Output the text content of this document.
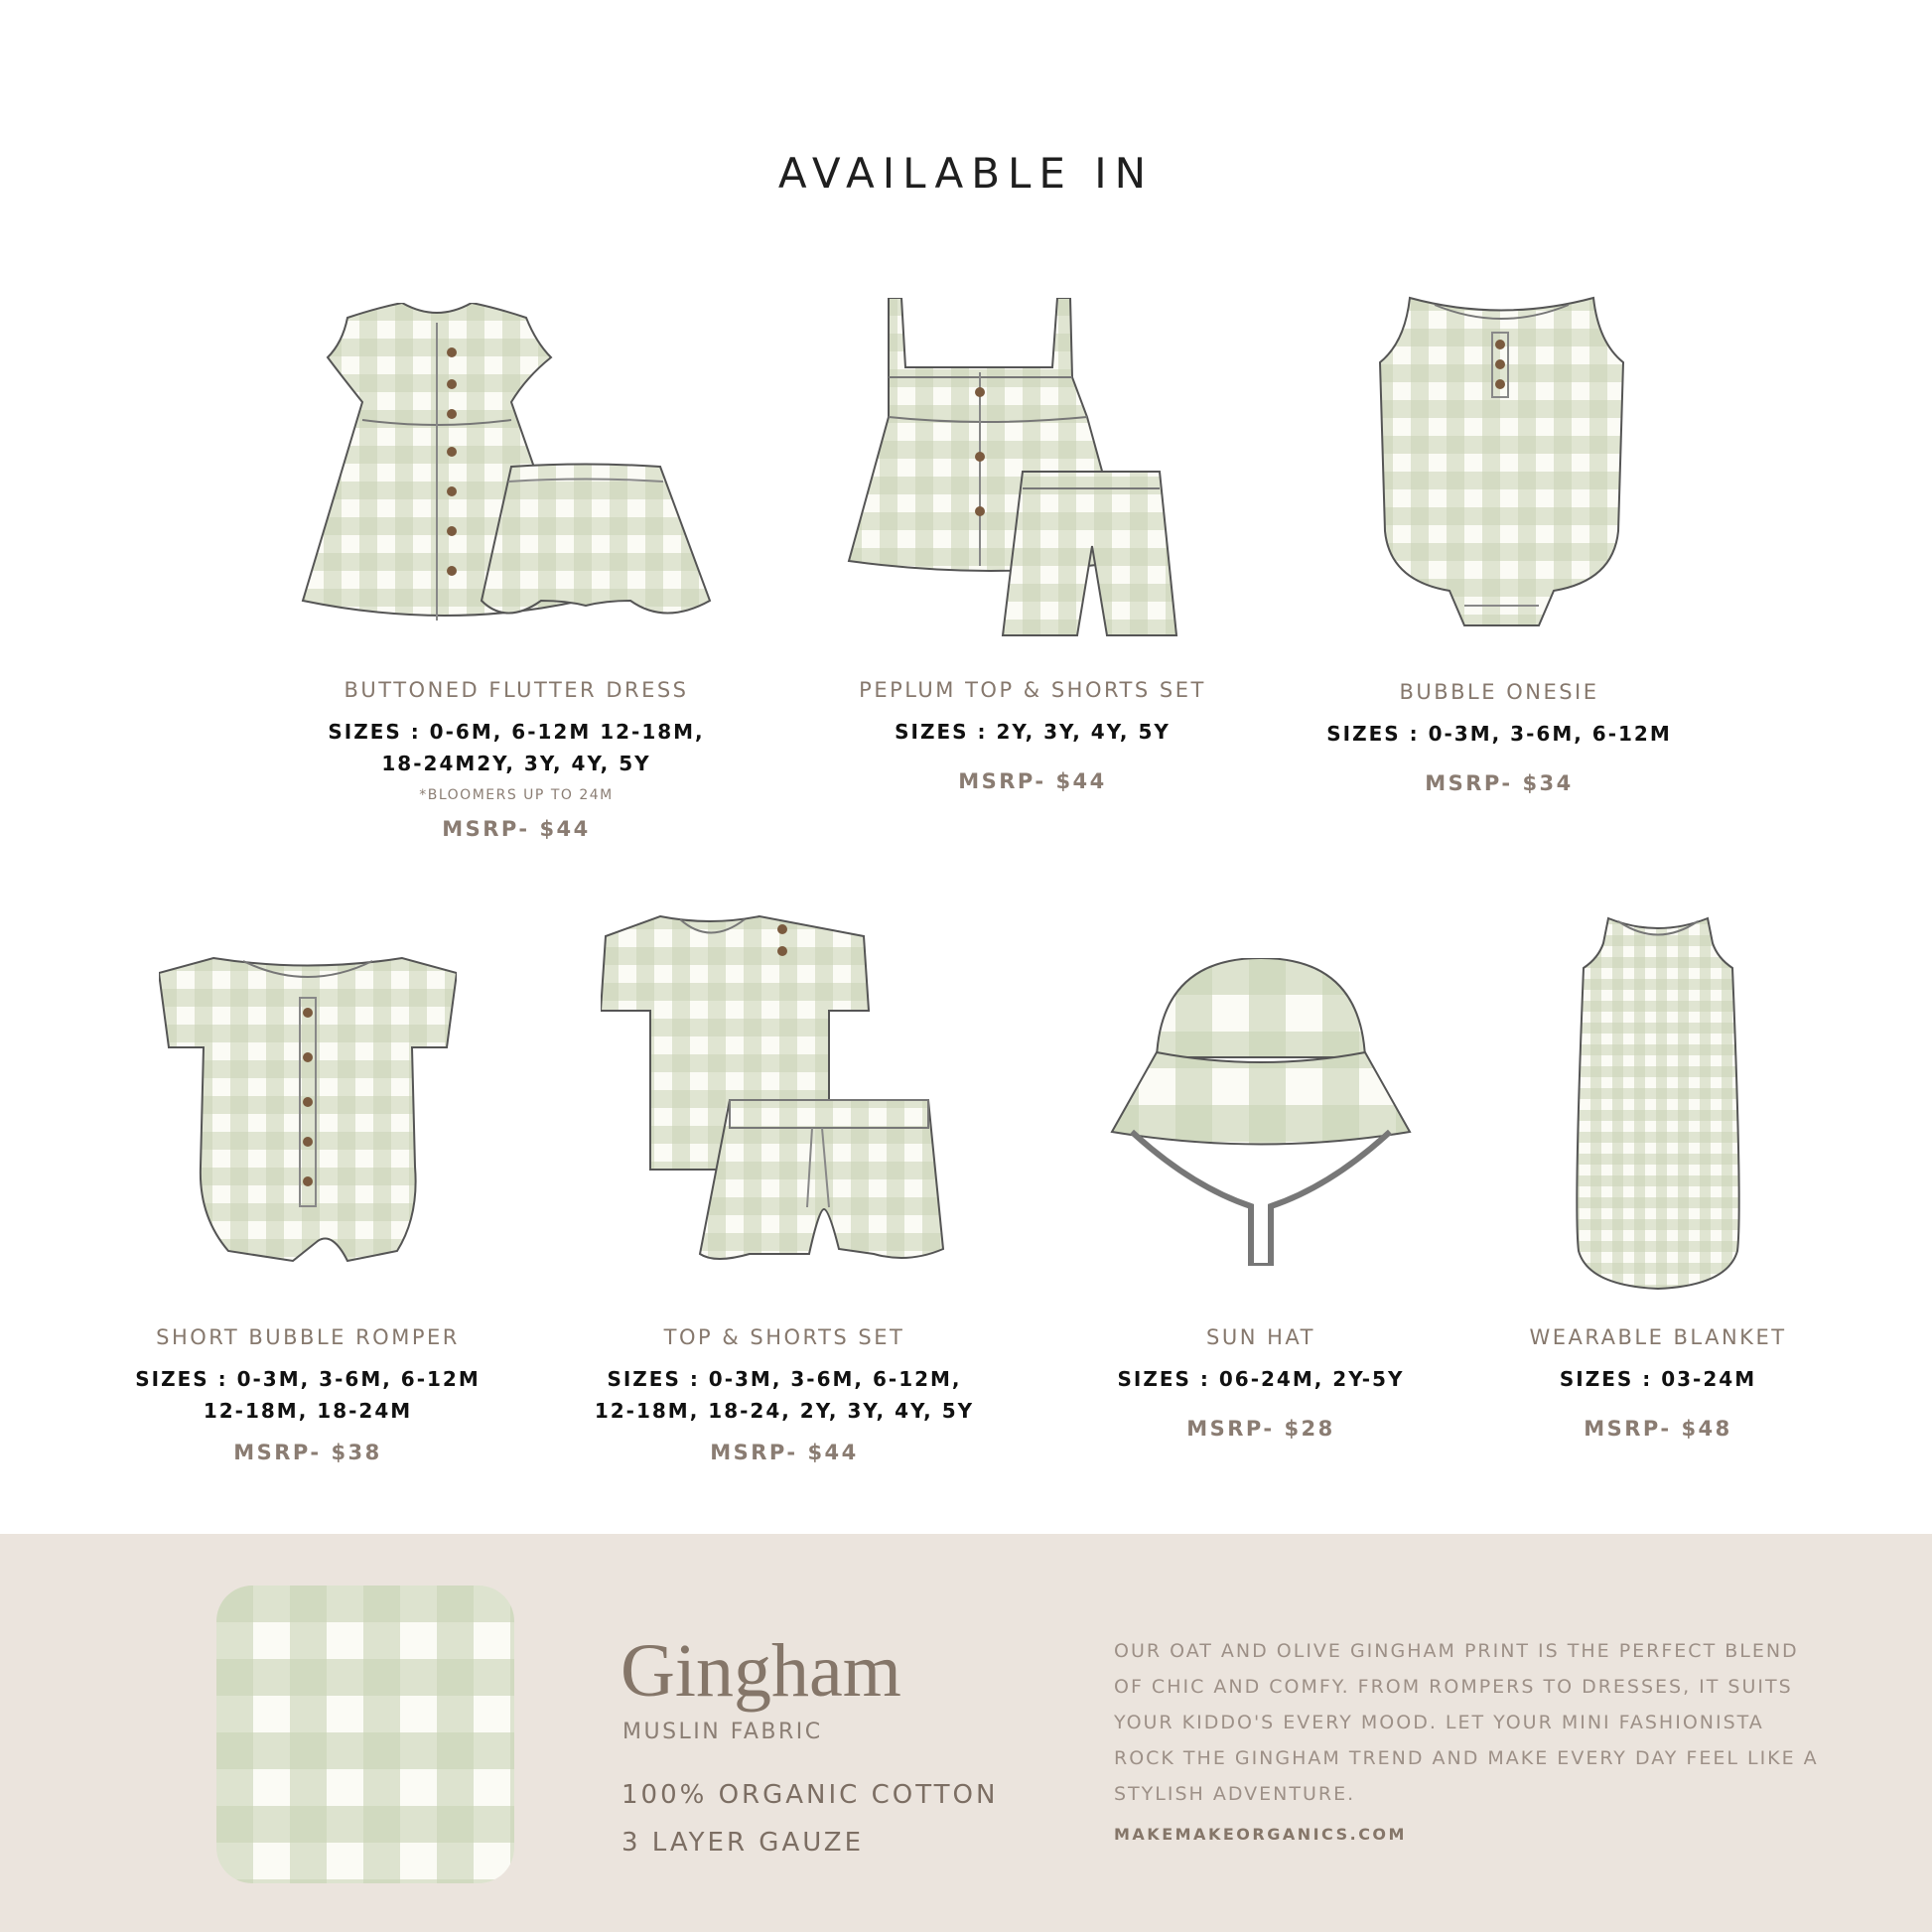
AVAILABLE IN
BUTTONED FLUTTER DRESS
SIZES : 0-6M, 6-12M 12-18M,
18-24M2Y, 3Y, 4Y, 5Y
*BLOOMERS UP TO 24M
MSRP- $44
PEPLUM TOP & SHORTS SET
SIZES : 2Y, 3Y, 4Y, 5Y
MSRP- $44
BUBBLE ONESIE
SIZES : 0-3M, 3-6M, 6-12M
MSRP- $34
SHORT BUBBLE ROMPER
SIZES : 0-3M, 3-6M, 6-12M
12-18M, 18-24M
MSRP- $38
TOP & SHORTS SET
SIZES : 0-3M, 3-6M, 6-12M,
12-18M, 18-24, 2Y, 3Y, 4Y, 5Y
MSRP- $44
SUN HAT
SIZES : 06-24M, 2Y-5Y
MSRP- $28
WEARABLE BLANKET
SIZES : 03-24M
MSRP- $48
Gingham
MUSLIN FABRIC
100% ORGANIC COTTON
3 LAYER GAUZE
OUR OAT AND OLIVE GINGHAM PRINT IS THE PERFECT BLEND OF CHIC AND COMFY. FROM ROMPERS TO DRESSES, IT SUITS YOUR KIDDO'S EVERY MOOD. LET YOUR MINI FASHIONISTA ROCK THE GINGHAM TREND AND MAKE EVERY DAY FEEL LIKE A STYLISH ADVENTURE.
MAKEMAKEORGANICS.COM
